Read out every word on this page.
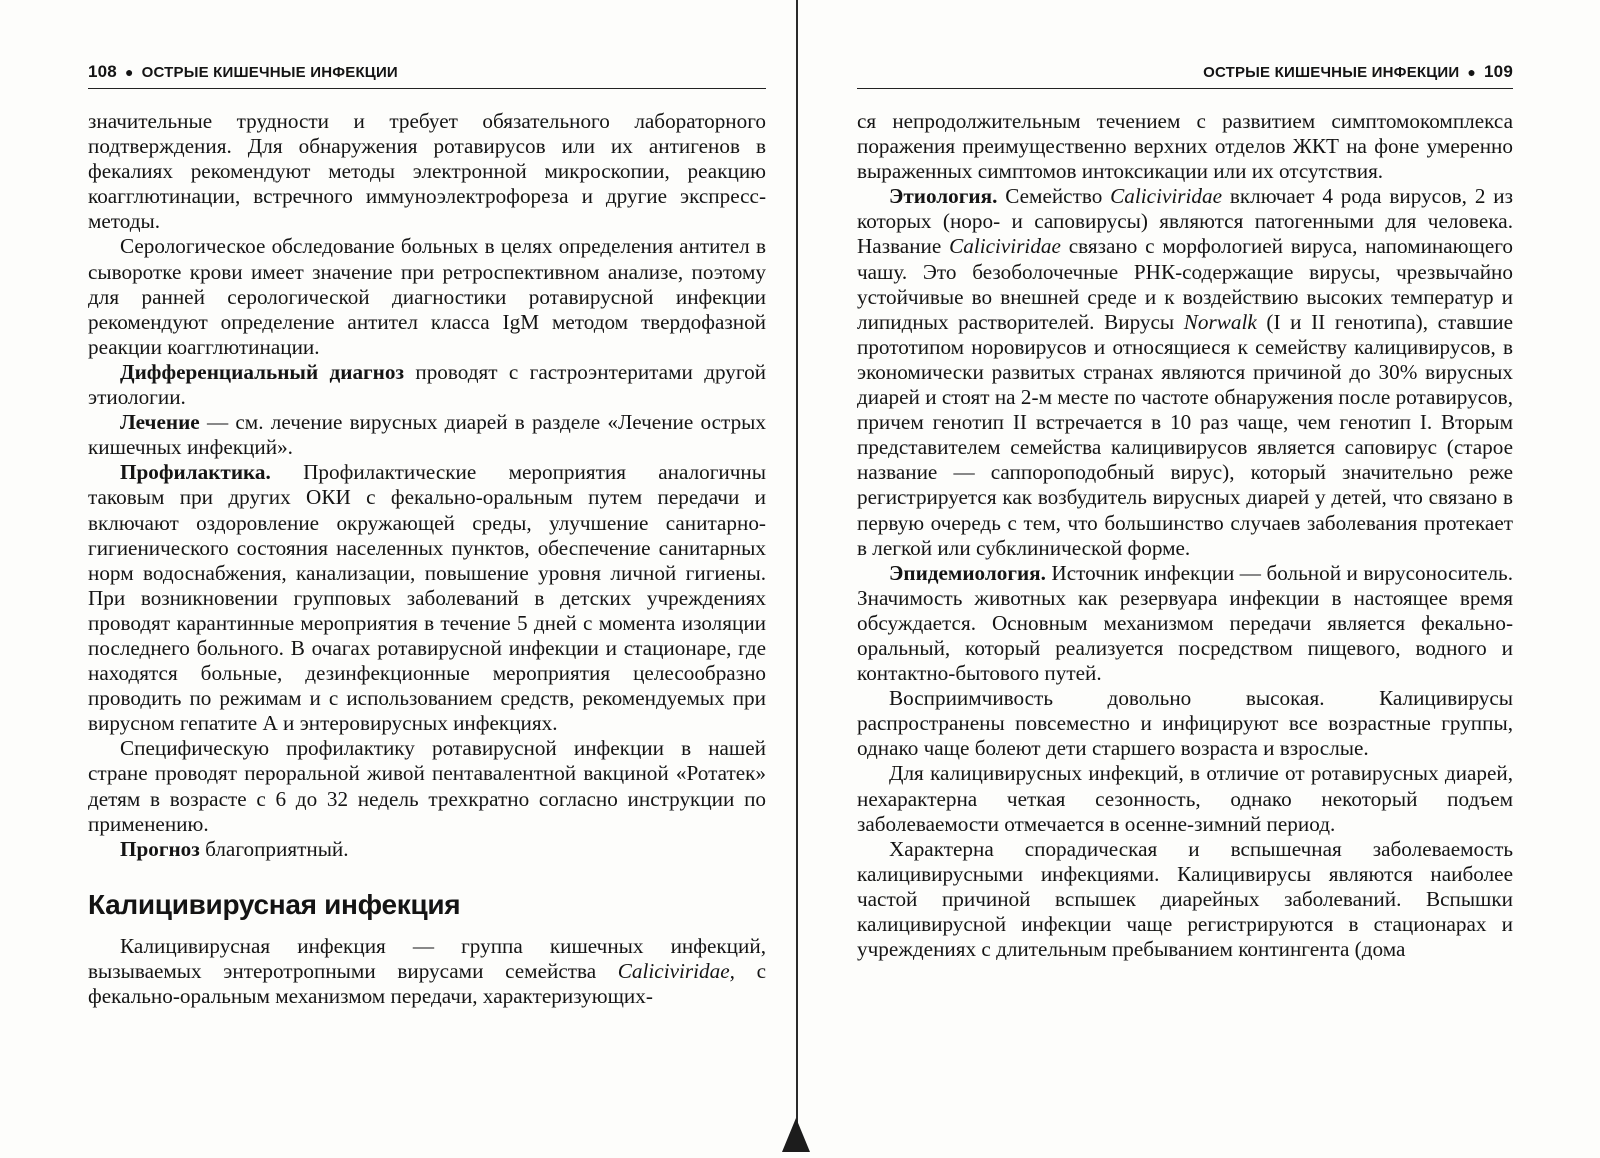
108 ● ОСТРЫЕ КИШЕЧНЫЕ ИНФЕКЦИИ

значительные трудности и требует обязательного лабораторного подтверждения. Для обнаружения ротавирусов или их антигенов в фекалиях рекомендуют методы электронной микроскопии, реакцию коагглютинации, встречного иммуноэлектрофореза и другие экспресс-методы.

Серологическое обследование больных в целях определения антител в сыворотке крови имеет значение при ретроспективном анализе, поэтому для ранней серологической диагностики ротавирусной инфекции рекомендуют определение антител класса IgM методом твердофазной реакции коагглютинации.

Дифференциальный диагноз проводят с гастроэнтеритами другой этиологии.

Лечение — см. лечение вирусных диарей в разделе «Лечение острых кишечных инфекций».

Профилактика. Профилактические мероприятия аналогичны таковым при других ОКИ с фекально-оральным путем передачи и включают оздоровление окружающей среды, улучшение санитарно-гигиенического состояния населенных пунктов, обеспечение санитарных норм водоснабжения, канализации, повышение уровня личной гигиены. При возникновении групповых заболеваний в детских учреждениях проводят карантинные мероприятия в течение 5 дней с момента изоляции последнего больного. В очагах ротавирусной инфекции и стационаре, где находятся больные, дезинфекционные мероприятия целесообразно проводить по режимам и с использованием средств, рекомендуемых при вирусном гепатите А и энтеровирусных инфекциях.

Специфическую профилактику ротавирусной инфекции в нашей стране проводят пероральной живой пентавалентной вакциной «Ротатек» детям в возрасте с 6 до 32 недель трехкратно согласно инструкции по применению.

Прогноз благоприятный.

Калицивирусная инфекция

Калицивирусная инфекция — группа кишечных инфекций, вызываемых энтеротропными вирусами семейства Caliciviridae, с фекально-оральным механизмом передачи, характеризующих-

ОСТРЫЕ КИШЕЧНЫЕ ИНФЕКЦИИ ● 109

ся непродолжительным течением с развитием симптомокомплекса поражения преимущественно верхних отделов ЖКТ на фоне умеренно выраженных симптомов интоксикации или их отсутствия.

Этиология. Семейство Caliciviridae включает 4 рода вирусов, 2 из которых (норо- и саповирусы) являются патогенными для человека. Название Caliciviridae связано с морфологией вируса, напоминающего чашу. Это безоболочечные РНК-содержащие вирусы, чрезвычайно устойчивые во внешней среде и к воздействию высоких температур и липидных растворителей. Вирусы Norwalk (I и II генотипа), ставшие прототипом норовирусов и относящиеся к семейству калицивирусов, в экономически развитых странах являются причиной до 30% вирусных диарей и стоят на 2-м месте по частоте обнаружения после ротавирусов, причем генотип II встречается в 10 раз чаще, чем генотип I. Вторым представителем семейства калицивирусов является саповирус (старое название — саппороподобный вирус), который значительно реже регистрируется как возбудитель вирусных диарей у детей, что связано в первую очередь с тем, что большинство случаев заболевания протекает в легкой или субклинической форме.

Эпидемиология. Источник инфекции — больной и вирусоноситель. Значимость животных как резервуара инфекции в настоящее время обсуждается. Основным механизмом передачи является фекально-оральный, который реализуется посредством пищевого, водного и контактно-бытового путей.

Восприимчивость довольно высокая. Калицивирусы распространены повсеместно и инфицируют все возрастные группы, однако чаще болеют дети старшего возраста и взрослые.

Для калицивирусных инфекций, в отличие от ротавирусных диарей, нехарактерна четкая сезонность, однако некоторый подъем заболеваемости отмечается в осенне-зимний период.

Характерна спорадическая и вспышечная заболеваемость калицивирусными инфекциями. Калицивирусы являются наиболее частой причиной вспышек диарейных заболеваний. Вспышки калицивирусной инфекции чаще регистрируются в стационарах и учреждениях с длительным пребыванием контингента (дома
